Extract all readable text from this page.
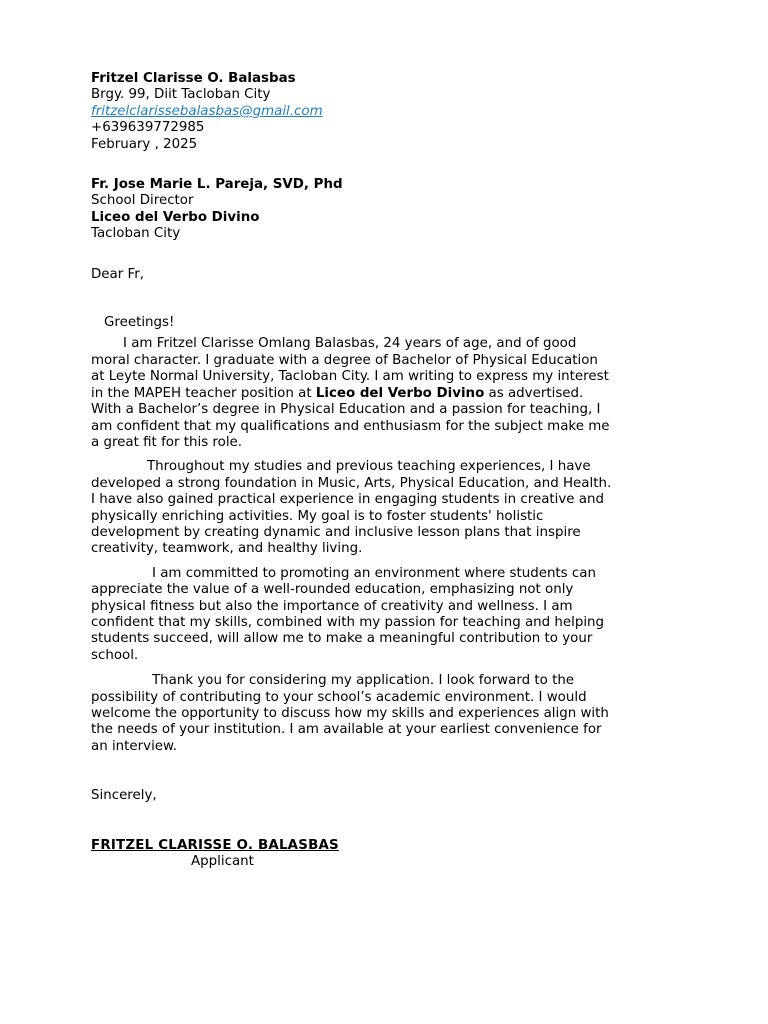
Fritzel Clarisse O. Balasbas

Brgy. 99, Diit Tacloban City

fritzelclarissebalasbas@gmail.com

+639639772985

February , 2025

Fr. Jose Marie L. Pareja, SVD, Phd

School Director

Liceo del Verbo Divino

Tacloban City

Dear Fr,

Greetings!

I am Fritzel Clarisse Omlang Balasbas, 24 years of age, and of good

moral character. I graduate with a degree of Bachelor of Physical Education

at Leyte Normal University, Tacloban City. I am writing to express my interest

in the MAPEH teacher position at Liceo del Verbo Divino as advertised.

With a Bachelor’s degree in Physical Education and a passion for teaching, I

am confident that my qualifications and enthusiasm for the subject make me

a great fit for this role.

Throughout my studies and previous teaching experiences, I have

developed a strong foundation in Music, Arts, Physical Education, and Health.

I have also gained practical experience in engaging students in creative and

physically enriching activities. My goal is to foster students' holistic

development by creating dynamic and inclusive lesson plans that inspire

creativity, teamwork, and healthy living.

I am committed to promoting an environment where students can

appreciate the value of a well-rounded education, emphasizing not only

physical fitness but also the importance of creativity and wellness. I am

confident that my skills, combined with my passion for teaching and helping

students succeed, will allow me to make a meaningful contribution to your

school.

Thank you for considering my application. I look forward to the

possibility of contributing to your school’s academic environment. I would

welcome the opportunity to discuss how my skills and experiences align with

the needs of your institution. I am available at your earliest convenience for

an interview.

Sincerely,

FRITZEL CLARISSE O. BALASBAS

Applicant
